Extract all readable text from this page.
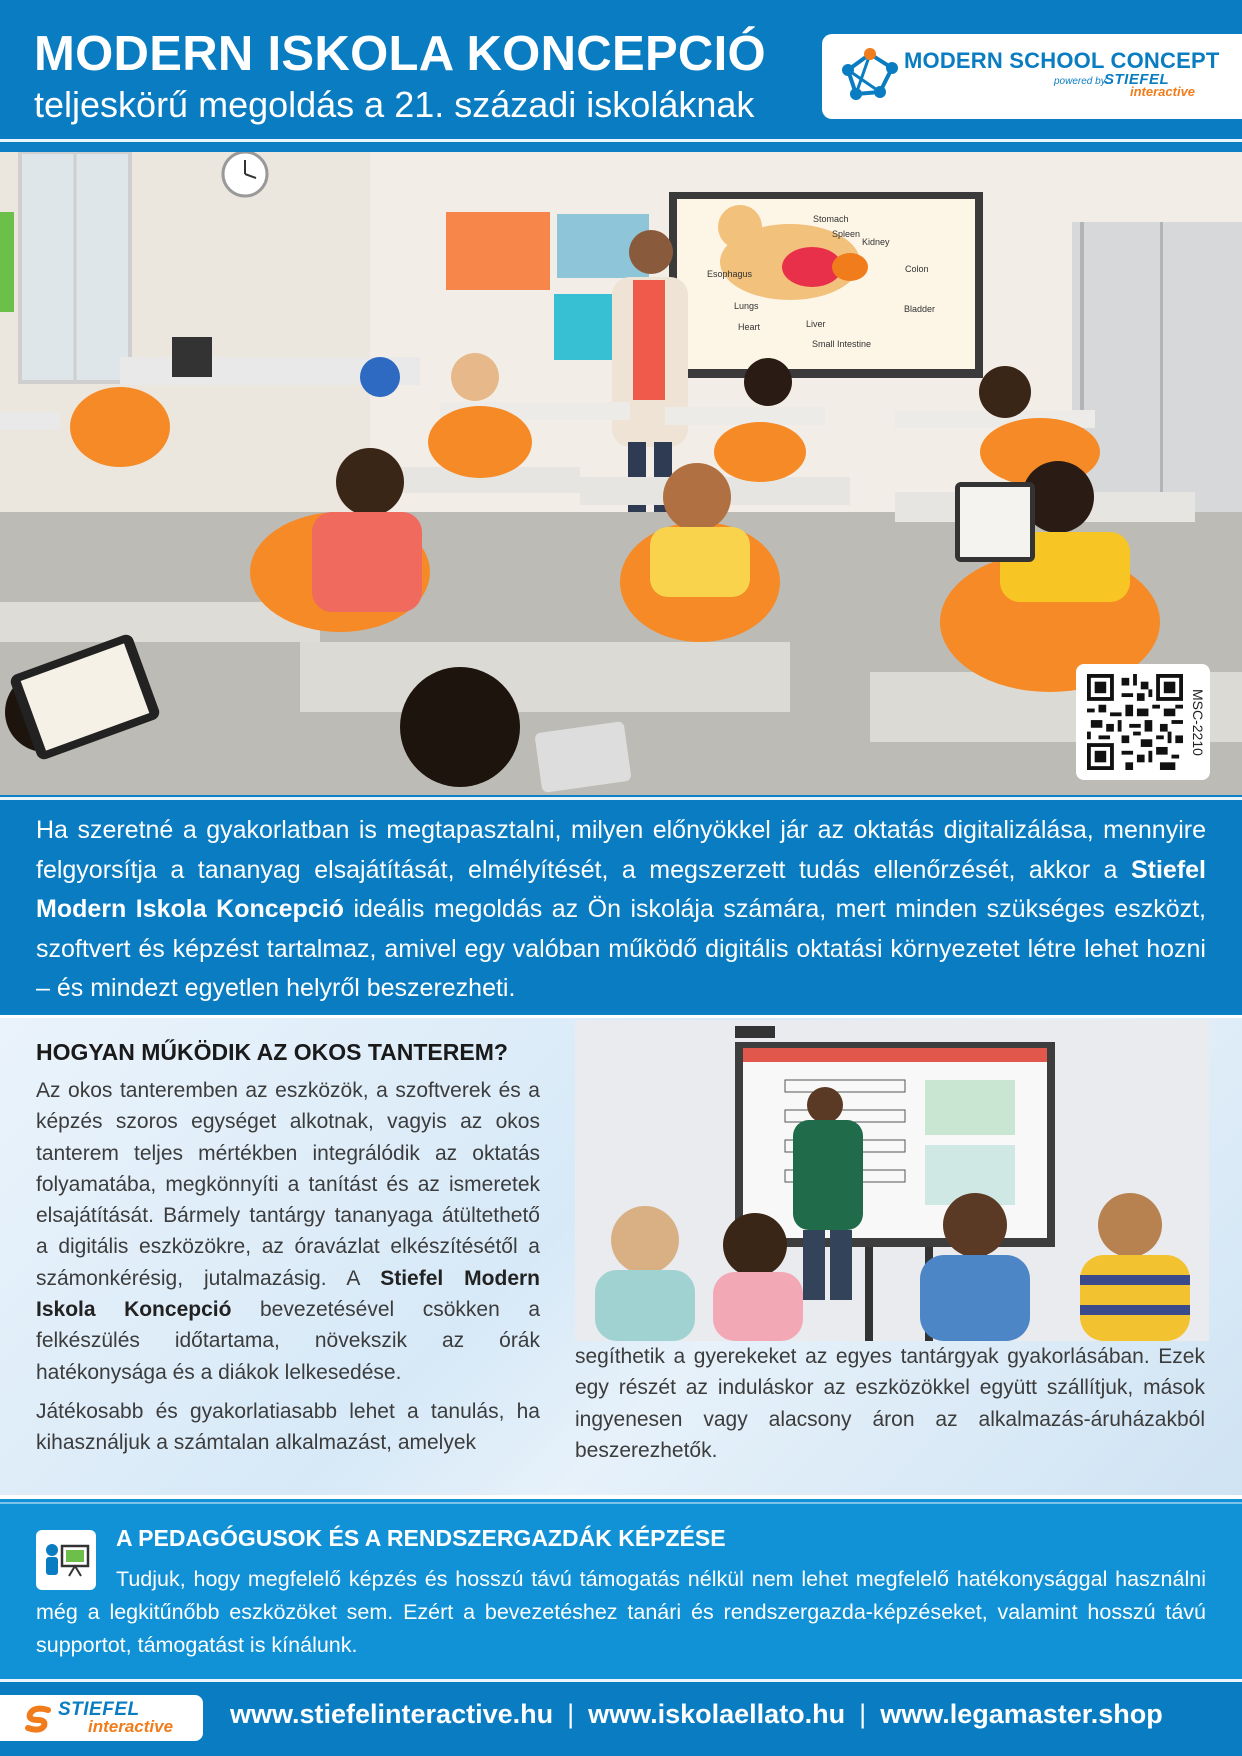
MODERN ISKOLA KONCEPCIÓ
teljeskörű megoldás a 21. századi iskoláknak
MODERN SCHOOL CONCEPT
powered by
STIEFEL
interactive
Stomach
Spleen
Kidney
Esophagus	Colon
Lungs	Bladder
Heart	Liver
Small Intestine
MSC-2210

Ha szeretné a gyakorlatban is megtapasztalni, milyen előnyökkel jár az oktatás digitalizálása, mennyire felgyorsítja a tananyag elsajátítását, elmélyítését, a megszerzett tudás ellenőrzését, akkor a Stiefel Modern Iskola Koncepció ideális megoldás az Ön iskolája számára, mert minden szükséges eszközt, szoftvert és képzést tartalmaz, amivel egy valóban működő digitális oktatási környezetet létre lehet hozni – és mindezt egyetlen helyről beszerezheti.

HOGYAN MŰKÖDIK AZ OKOS TANTEREM?

Az okos tanteremben az eszközök, a szoftverek és a képzés szoros egységet alkotnak, vagyis az okos tanterem teljes mértékben integrálódik az oktatás folyamatába, megkönnyíti a tanítást és az ismeretek elsajátítását. Bármely tantárgy tananyaga átültethető a digitális eszközökre, az óravázlat elkészítésétől a számonkérésig, jutalmazásig. A Stiefel Modern Iskola Koncepció bevezetésével csökken a felkészülés időtartama, növekszik az órák hatékonysága és a diákok lelkesedése.

Játékosabb és gyakorlatiasabb lehet a tanulás, ha kihasználjuk a számtalan alkalmazást, amelyek

segíthetik a gyerekeket az egyes tantárgyak gyakorlásában. Ezek egy részét az induláskor az eszközökkel együtt szállítjuk, mások ingyenesen vagy alacsony áron az alkalmazás-áruházakból beszerezhetők.
A PEDAGÓGUSOK ÉS A RENDSZERGAZDÁK KÉPZÉSE

Tudjuk, hogy megfelelő képzés és hosszú távú támogatás nélkül nem lehet megfelelő hatékonysággal használni még a legkitűnőbb eszközöket sem. Ezért a bevezetéshez tanári és rendszergazda-képzéseket, valamint hosszú távú supportot, támogatást is kínálunk.

STIEFEL
interactive www.stiefelinteractive.hu | www.iskolaellato.hu | www.legamaster.shop
